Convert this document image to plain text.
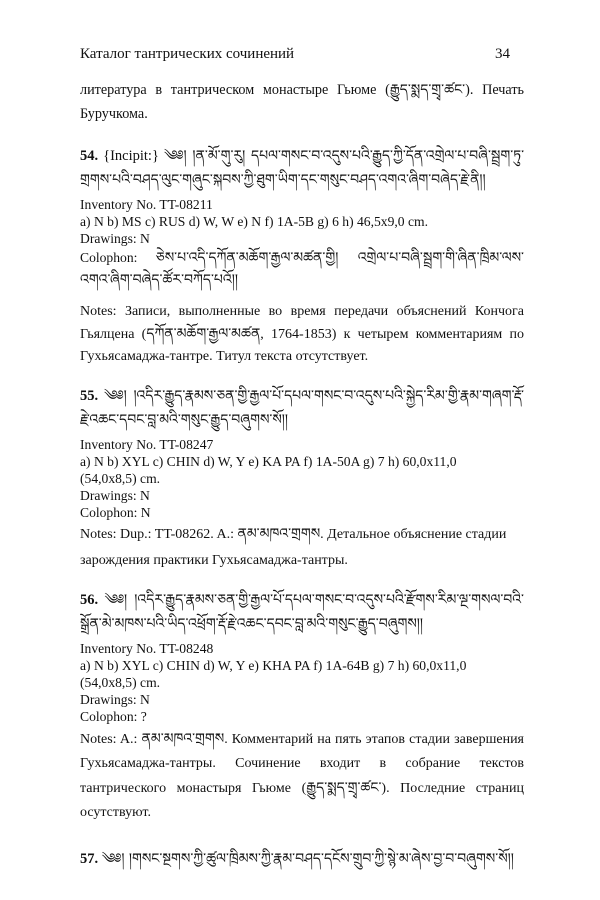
Каталог тантрических сочинений	34

литература в тантрическом монастыре Гьюме (རྒྱུད་སྨད་གྲྭ་ཚང་). Печать Буручкома.

54. {Incipit:} ༄༅། །ན་མོ་གུ་རུ། དཔལ་གསང་བ་འདུས་པའི་རྒྱུད་ཀྱི་དོན་འགྲེལ་པ་བཞི་སྦྲག་ཏུ་གྲགས་པའི་བཤད་ལུང་གཞུང་སྐབས་ཀྱི་ཐུག་ཡིག་དང་གསུང་བཤད་འགའ་ཞིག་བཞེད་རྗེ་ནི།།

Inventory No. TT-08211
a) N b) MS c) RUS d) W, W e) N f) 1A-5B g) 6 h) 46,5x9,0 cm.
Drawings: N

Colophon: ཅེས་པ་འདི་དཀོན་མཆོག་རྒྱལ་མཚན་གྱི། འགྲེལ་པ་བཞི་སྦྲག་གི་ཞིན་ཁྲིམ་ལས་འགའ་ཞིག་བཞེད་ཚོར་བཀོད་པའོ།།

Notes: Записи, выполненные во время передачи объяснений Кончога Гьялцена (དཀོན་མཆོག་རྒྱལ་མཚན, 1764-1853) к четырем комментариям по Гухьясамаджа-тантре. Титул текста отсутствует.

55. ༄༅། །འདིར་རྒྱུད་རྣམས་ཅན་གྱི་རྒྱལ་པོ་དཔལ་གསང་བ་འདུས་པའི་སྐྱེད་རིམ་གྱི་རྣམ་གཞག་རྡོ་རྗེ་འཆང་དབང་བླ་མའི་གསུང་རྒྱུད་བཞུགས་སོ།།

Inventory No. TT-08247
a) N b) XYL c) CHIN d) W, Y e) KA PA f) 1A-50A g) 7 h) 60,0x11,0
(54,0x8,5) cm.
Drawings: N
Colophon: N

Notes: Dup.: TT-08262. A.: ནམ་མཁའ་གྲགས. Детальное объяснение стадии

зарождения практики Гухьясамаджа-тантры.

56. ༄༅། །འདིར་རྒྱུད་རྣམས་ཅན་གྱི་རྒྱལ་པོ་དཔལ་གསང་བ་འདུས་པའི་རྫོགས་རིམ་ལྔ་གསལ་བའི་སྒྲོན་མེ་མཁས་པའི་ཡིད་འཕྲོག་རྡོ་རྗེ་འཆང་དབང་བླ་མའི་གསུང་རྒྱུད་བཞུགས།།

Inventory No. TT-08248
a) N b) XYL c) CHIN d) W, Y e) KHA PA f) 1A-64B g) 7 h) 60,0x11,0
(54,0x8,5) cm.
Drawings: N
Colophon: ?

Notes: A.: ནམ་མཁའ་གྲགས. Комментарий на пять этапов стадии завершения Гухьясамаджа-тантры. Сочинение входит в собрание текстов тантрического монастыря Гьюме (རྒྱུད་སྨད་གྲྭ་ཚང་). Последние страниц осутствуют.

57. ༄༅། །གསང་སྔགས་ཀྱི་ཚུལ་ཁྲིམས་ཀྱི་རྣམ་བཤད་དངོས་གྲུབ་ཀྱི་སྙེ་མ་ཞེས་བྱ་བ་བཞུགས་སོ།།
